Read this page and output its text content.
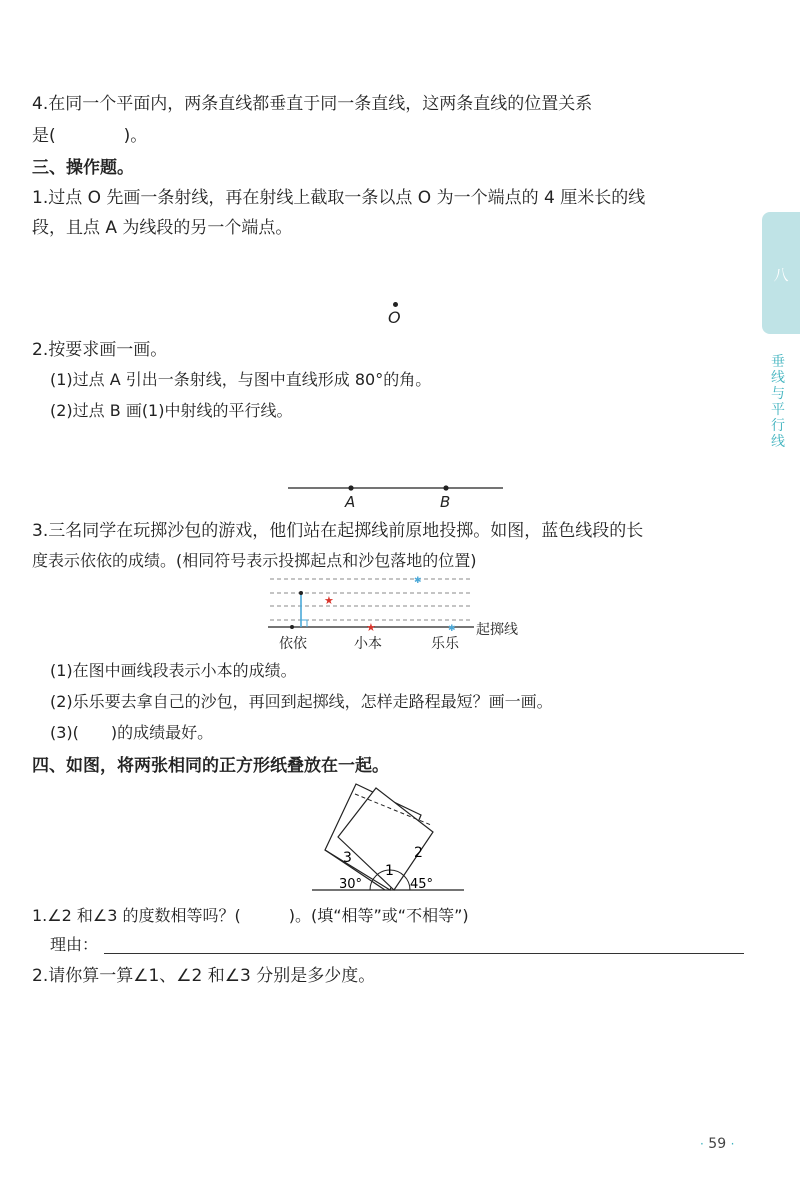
4.在同一个平面内，两条直线都垂直于同一条直线，这两条直线的位置关系
是(　　　　)。
三、操作题。
1.过点 O 先画一条射线，再在射线上截取一条以点 O 为一个端点的 4 厘米长的线
段，且点 A 为线段的另一个端点。
O
2.按要求画一画。
(1)过点 A 引出一条射线，与图中直线形成 80°的角。
(2)过点 B 画(1)中射线的平行线。
★
★
✱
✱
3
1
2
30°	45°
A	B
3.三名同学在玩掷沙包的游戏，他们站在起掷线前原地投掷。如图，蓝色线段的长
度表示依依的成绩。(相同符号表示投掷起点和沙包落地的位置)
依依	小本	乐乐
起掷线
(1)在图中画线段表示小本的成绩。
(2)乐乐要去拿自己的沙包，再回到起掷线，怎样走路程最短？画一画。
(3)(　　)的成绩最好。
四、如图，将两张相同的正方形纸叠放在一起。
1.∠2 和∠3 的度数相等吗？(　　　)。(填“相等”或“不相等”)
理由：
2.请你算一算∠1、∠2 和∠3 分别是多少度。
八
垂线与平行线
· 59 ·
